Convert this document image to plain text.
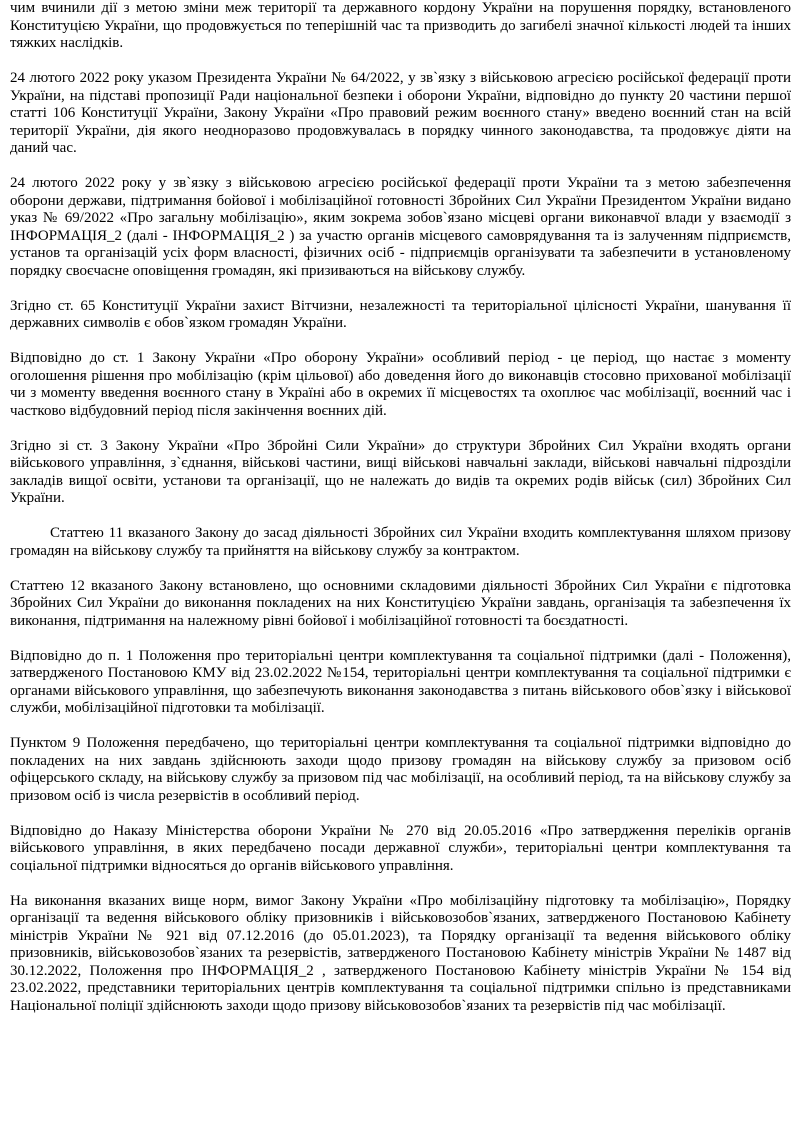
чим вчинили дії з метою зміни меж території та державного кордону України на порушення порядку, встановленого Конституцією України, що продовжується по теперішній час та призводить до загибелі значної кількості людей та інших тяжких наслідків.

24 лютого 2022 року указом Президента України № 64/2022, у зв`язку з військовою агресією російської федерації проти України, на підставі пропозиції Ради національної безпеки і оборони України, відповідно до пункту 20 частини першої статті 106 Конституції України, Закону України «Про правовий режим воєнного стану» введено воєнний стан на всій території України, дія якого неодноразово продовжувалась в порядку чинного законодавства, та продовжує діяти на даний час.

24 лютого 2022 року у зв`язку з військовою агресією російської федерації проти України та з метою забезпечення оборони держави, підтримання бойової і мобілізаційної готовності Збройних Сил України Президентом України видано указ № 69/2022 «Про загальну мобілізацію», яким зокрема зобов`язано місцеві органи виконавчої влади у взаємодії з ІНФОРМАЦІЯ_2 (далі - ІНФОРМАЦІЯ_2 ) за участю органів місцевого самоврядування та із залученням підприємств, установ та організацій усіх форм власності, фізичних осіб - підприємців організувати та забезпечити в установленому порядку своєчасне оповіщення громадян, які призиваються на військову службу.

Згідно ст. 65 Конституції України захист Вітчизни, незалежності та територіальної цілісності України, шанування її державних символів є обов`язком громадян України.

Відповідно до ст. 1 Закону України «Про оборону України» особливий період - це період, що настає з моменту оголошення рішення про мобілізацію (крім цільової) або доведення його до виконавців стосовно прихованої мобілізації чи з моменту введення воєнного стану в Україні або в окремих її місцевостях та охоплює час мобілізації, воєнний час і частково відбудовний період після закінчення воєнних дій.

Згідно зі ст. 3 Закону України «Про Збройні Сили України» до структури Збройних Сил України входять органи військового управління, з`єднання, військові частини, вищі військові навчальні заклади, військові навчальні підрозділи закладів вищої освіти, установи та організації, що не належать до видів та окремих родів військ (сил) Збройних Сил України.

Статтею 11 вказаного Закону до засад діяльності Збройних сил України входить комплектування шляхом призову громадян на військову службу та прийняття на військову службу за контрактом.

Статтею 12 вказаного Закону встановлено, що основними складовими діяльності Збройних Сил України є підготовка Збройних Сил України до виконання покладених на них Конституцією України завдань, організація та забезпечення їх виконання, підтримання на належному рівні бойової і мобілізаційної готовності та боєздатності.

Відповідно до п. 1 Положення про територіальні центри комплектування та соціальної підтримки (далі - Положення), затвердженого Постановою КМУ від 23.02.2022 №154, територіальні центри комплектування та соціальної підтримки є органами військового управління, що забезпечують виконання законодавства з питань військового обов`язку і військової служби, мобілізаційної підготовки та мобілізації.

Пунктом 9 Положення передбачено, що територіальні центри комплектування та соціальної підтримки відповідно до покладених на них завдань здійснюють заходи щодо призову громадян на військову службу за призовом осіб офіцерського складу, на військову службу за призовом під час мобілізації, на особливий період, та на військову службу за призовом осіб із числа резервістів в особливий період.

Відповідно до Наказу Міністерства оборони України № 270 від 20.05.2016 «Про затвердження переліків органів військового управління, в яких передбачено посади державної служби», територіальні центри комплектування та соціальної підтримки відносяться до органів військового управління.

На виконання вказаних вище норм, вимог Закону України «Про мобілізаційну підготовку та мобілізацію», Порядку організації та ведення військового обліку призовників і військовозобов`язаних, затвердженого Постановою Кабінету міністрів України № 921 від 07.12.2016 (до 05.01.2023), та Порядку організації та ведення військового обліку призовників, військовозобов`язаних та резервістів, затвердженого Постановою Кабінету міністрів України № 1487 від 30.12.2022, Положення про ІНФОРМАЦІЯ_2 , затвердженого Постановою Кабінету міністрів України № 154 від 23.02.2022, представники територіальних центрів комплектування та соціальної підтримки спільно із представниками Національної поліції здійснюють заходи щодо призову військовозобов`язаних та резервістів під час мобілізації.
